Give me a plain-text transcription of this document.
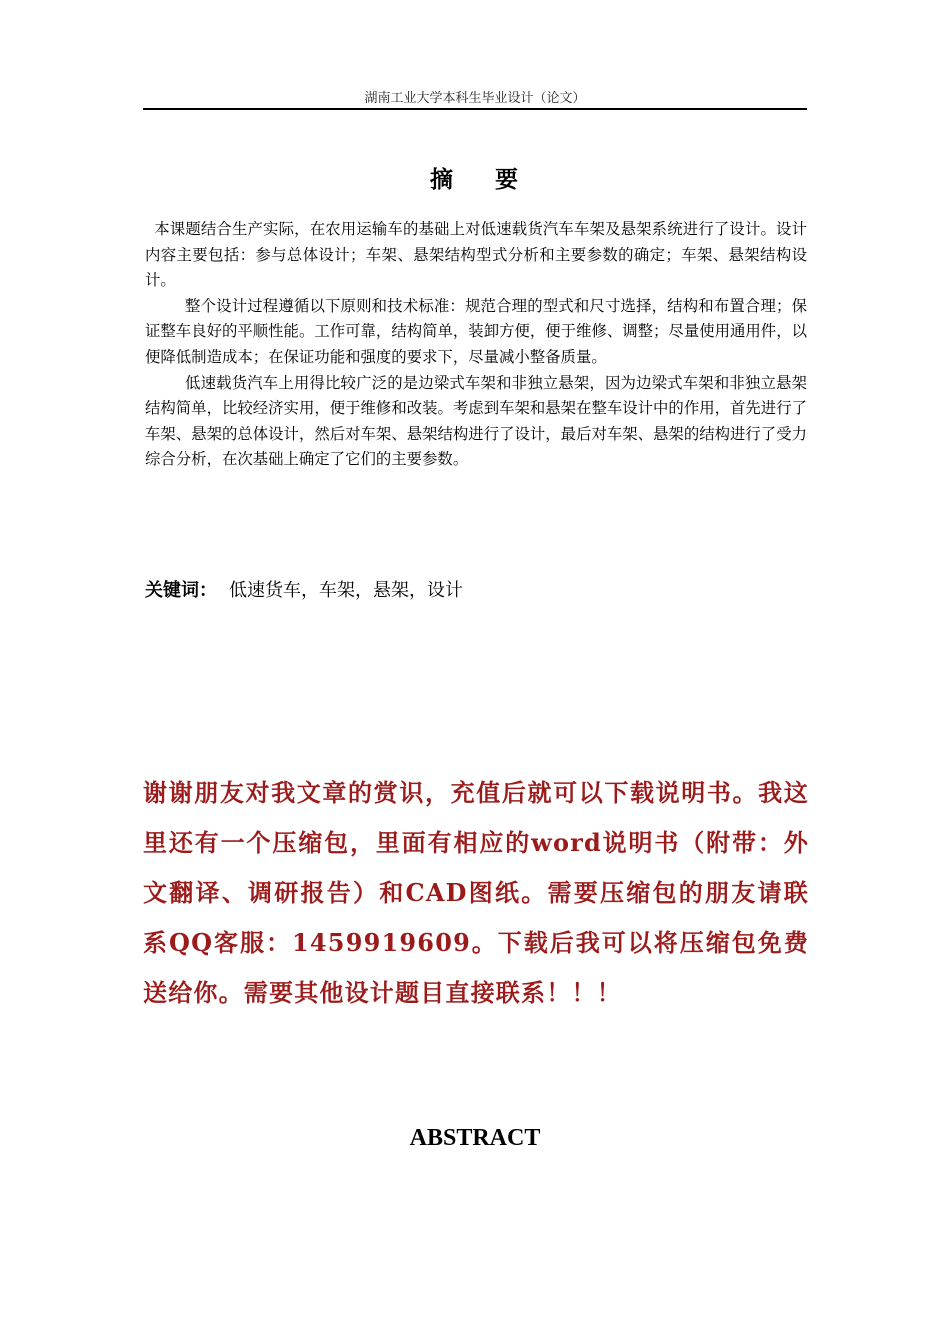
湖南工业大学本科生毕业设计（论文）
摘    要

本课题结合生产实际，在农用运输车的基础上对低速载货汽车车架及悬架系统进行了设计。设计内容主要包括：参与总体设计；车架、悬架结构型式分析和主要参数的确定；车架、悬架结构设计。

整个设计过程遵循以下原则和技术标准：规范合理的型式和尺寸选择，结构和布置合理；保证整车良好的平顺性能。工作可靠，结构简单，装卸方便，便于维修、调整；尽量使用通用件，以便降低制造成本；在保证功能和强度的要求下，尽量减小整备质量。

低速载货汽车上用得比较广泛的是边梁式车架和非独立悬架，因为边梁式车架和非独立悬架结构简单，比较经济实用，便于维修和改装。考虑到车架和悬架在整车设计中的作用，首先进行了车架、悬架的总体设计，然后对车架、悬架结构进行了设计，最后对车架、悬架的结构进行了受力综合分析，在次基础上确定了它们的主要参数。

关键词： 低速货车，车架，悬架，设计
谢谢朋友对我文章的赏识，充值后就可以下载说明书。我这里还有一个压缩包，里面有相应的word说明书（附带：外文翻译、调研报告）和CAD图纸。需要压缩包的朋友请联系QQ客服：1459919609。下载后我可以将压缩包免费送给你。需要其他设计题目直接联系！！！
ABSTRACT
